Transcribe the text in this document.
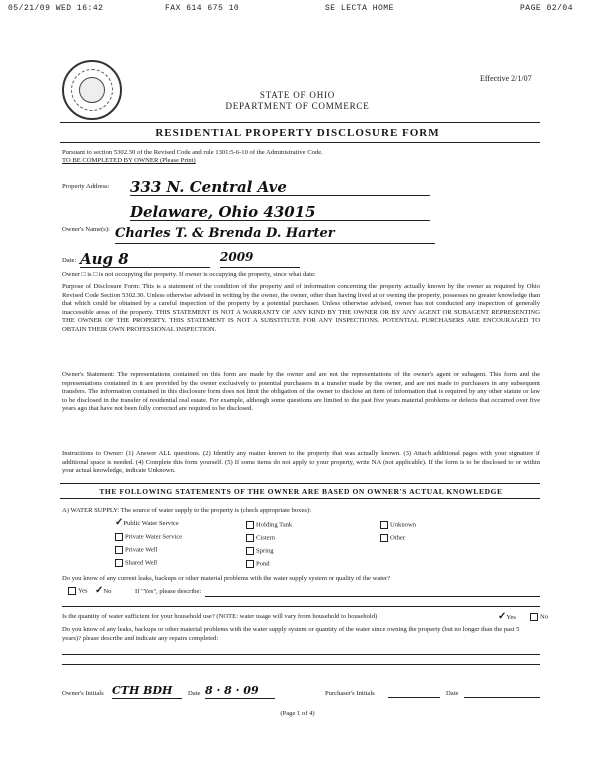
05/21/09 WED 16:42	FAX 614 675 10	SE LECTA HOME	PAGE 02/04
Effective 2/1/07
STATE OF OHIO
DEPARTMENT OF COMMERCE
RESIDENTIAL PROPERTY DISCLOSURE FORM
Pursuant to section 5302.30 of the Revised Code and rule 1301:5-6-10 of the Administrative Code.
TO BE COMPLETED BY OWNER (Please Print)
Property Address: 333 N. Central Ave
Delaware, Ohio 43015
Owner's Name(s): Charles T. & Brenda D. Harter
Date: Aug 8	2009
Owner □ is □ is not occupying the property. If owner is occupying the property, since what date:
Purpose of Disclosure Form: This is a statement of the condition of the property and of information concerning the property actually known by the owner as required by Ohio Revised Code Section 5302.30. Unless otherwise advised in writing by the owner, the owner, other than having lived at or owning the property, possesses no greater knowledge than that which could be obtained by a careful inspection of the property by a potential purchaser. Unless otherwise advised, owner has not conducted any inspection of generally inaccessible areas of the property. THIS STATEMENT IS NOT A WARRANTY OF ANY KIND BY THE OWNER OR BY ANY AGENT OR SUBAGENT REPRESENTING THE OWNER OF THE PROPERTY. THIS STATEMENT IS NOT A SUBSTITUTE FOR ANY INSPECTIONS. POTENTIAL PURCHASERS ARE ENCOURAGED TO OBTAIN THEIR OWN PROFESSIONAL INSPECTION.
Owner's Statement: The representations contained on this form are made by the owner and are not the representations of the owner's agent or subagent. This form and the representations contained in it are provided by the owner exclusively to potential purchasers in a transfer made by the owner, and are not made to purchasers in any subsequent transfers. The information contained in this disclosure form does not limit the obligation of the owner to disclose an item of information that is required by any other statute or law to be disclosed in the transfer of residential real estate. For example, although some questions are limited to the past five years material problems or defects that occurred over five years ago that have not been fully corrected are required to be disclosed.
Instructions to Owner: (1) Answer ALL questions. (2) Identify any matter known to the property that was actually known. (3) Attach additional pages with your signature if additional space is needed. (4) Complete this form yourself. (5) If some items do not apply to your property, write NA (not applicable). If the form is to be disclosed to or within your actual knowledge, indicate Unknown.
THE FOLLOWING STATEMENTS OF THE OWNER ARE BASED ON OWNER'S ACTUAL KNOWLEDGE
A) WATER SUPPLY: The source of water supply to the property is (check appropriate boxes):
✓Public Water Service
Private Water Service
Private Well
Shared Well
Holding Tank
Cistern
Spring
Pond
Unknown
Other
Do you know of any current leaks, backups or other material problems with the water supply system or quality of the water?
Yes ✓No	If "Yes", please describe:
Is the quantity of water sufficient for your household use? (NOTE: water usage will vary from household to household)	✓Yes	No
Do you know of any leaks, backups or other material problems with the water supply system or quantity of the water since owning the property (but no longer than the past 5 years)? please describe and indicate any repairs completed:
Owner's Initials CTH BDH	Date 8 · 8 · 09	Purchaser's Initials	Date
(Page 1 of 4)
